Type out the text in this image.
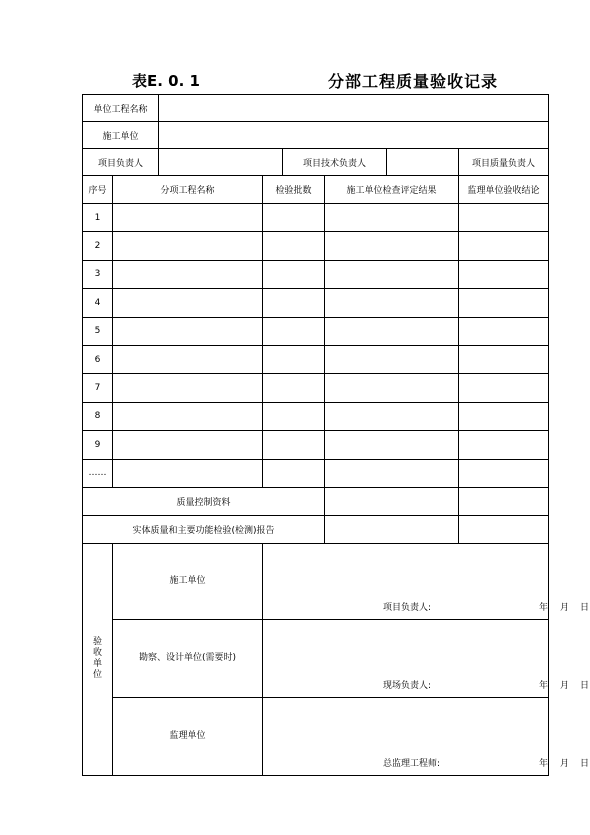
表E. 0. 1	分部工程质量验收记录
单位工程名称							
施工单位							
项目负责人				项目技术负责人			项目质量负责人
序号	分项工程名称		检验批数		施工单位检查评定结果		监理单位验收结论
1							
2							
3							
4							
5							
6							
7							
8							
9							
……							
质量控制资料							
实体质量和主要功能检验(检测)报告							

验收单位	施工单位		项目负责人: 年 月 日				

	勘察、设计单位(需要时)		现场负责人: 年 月 日				

	监理单位		总监理工程师: 年 月 日				
